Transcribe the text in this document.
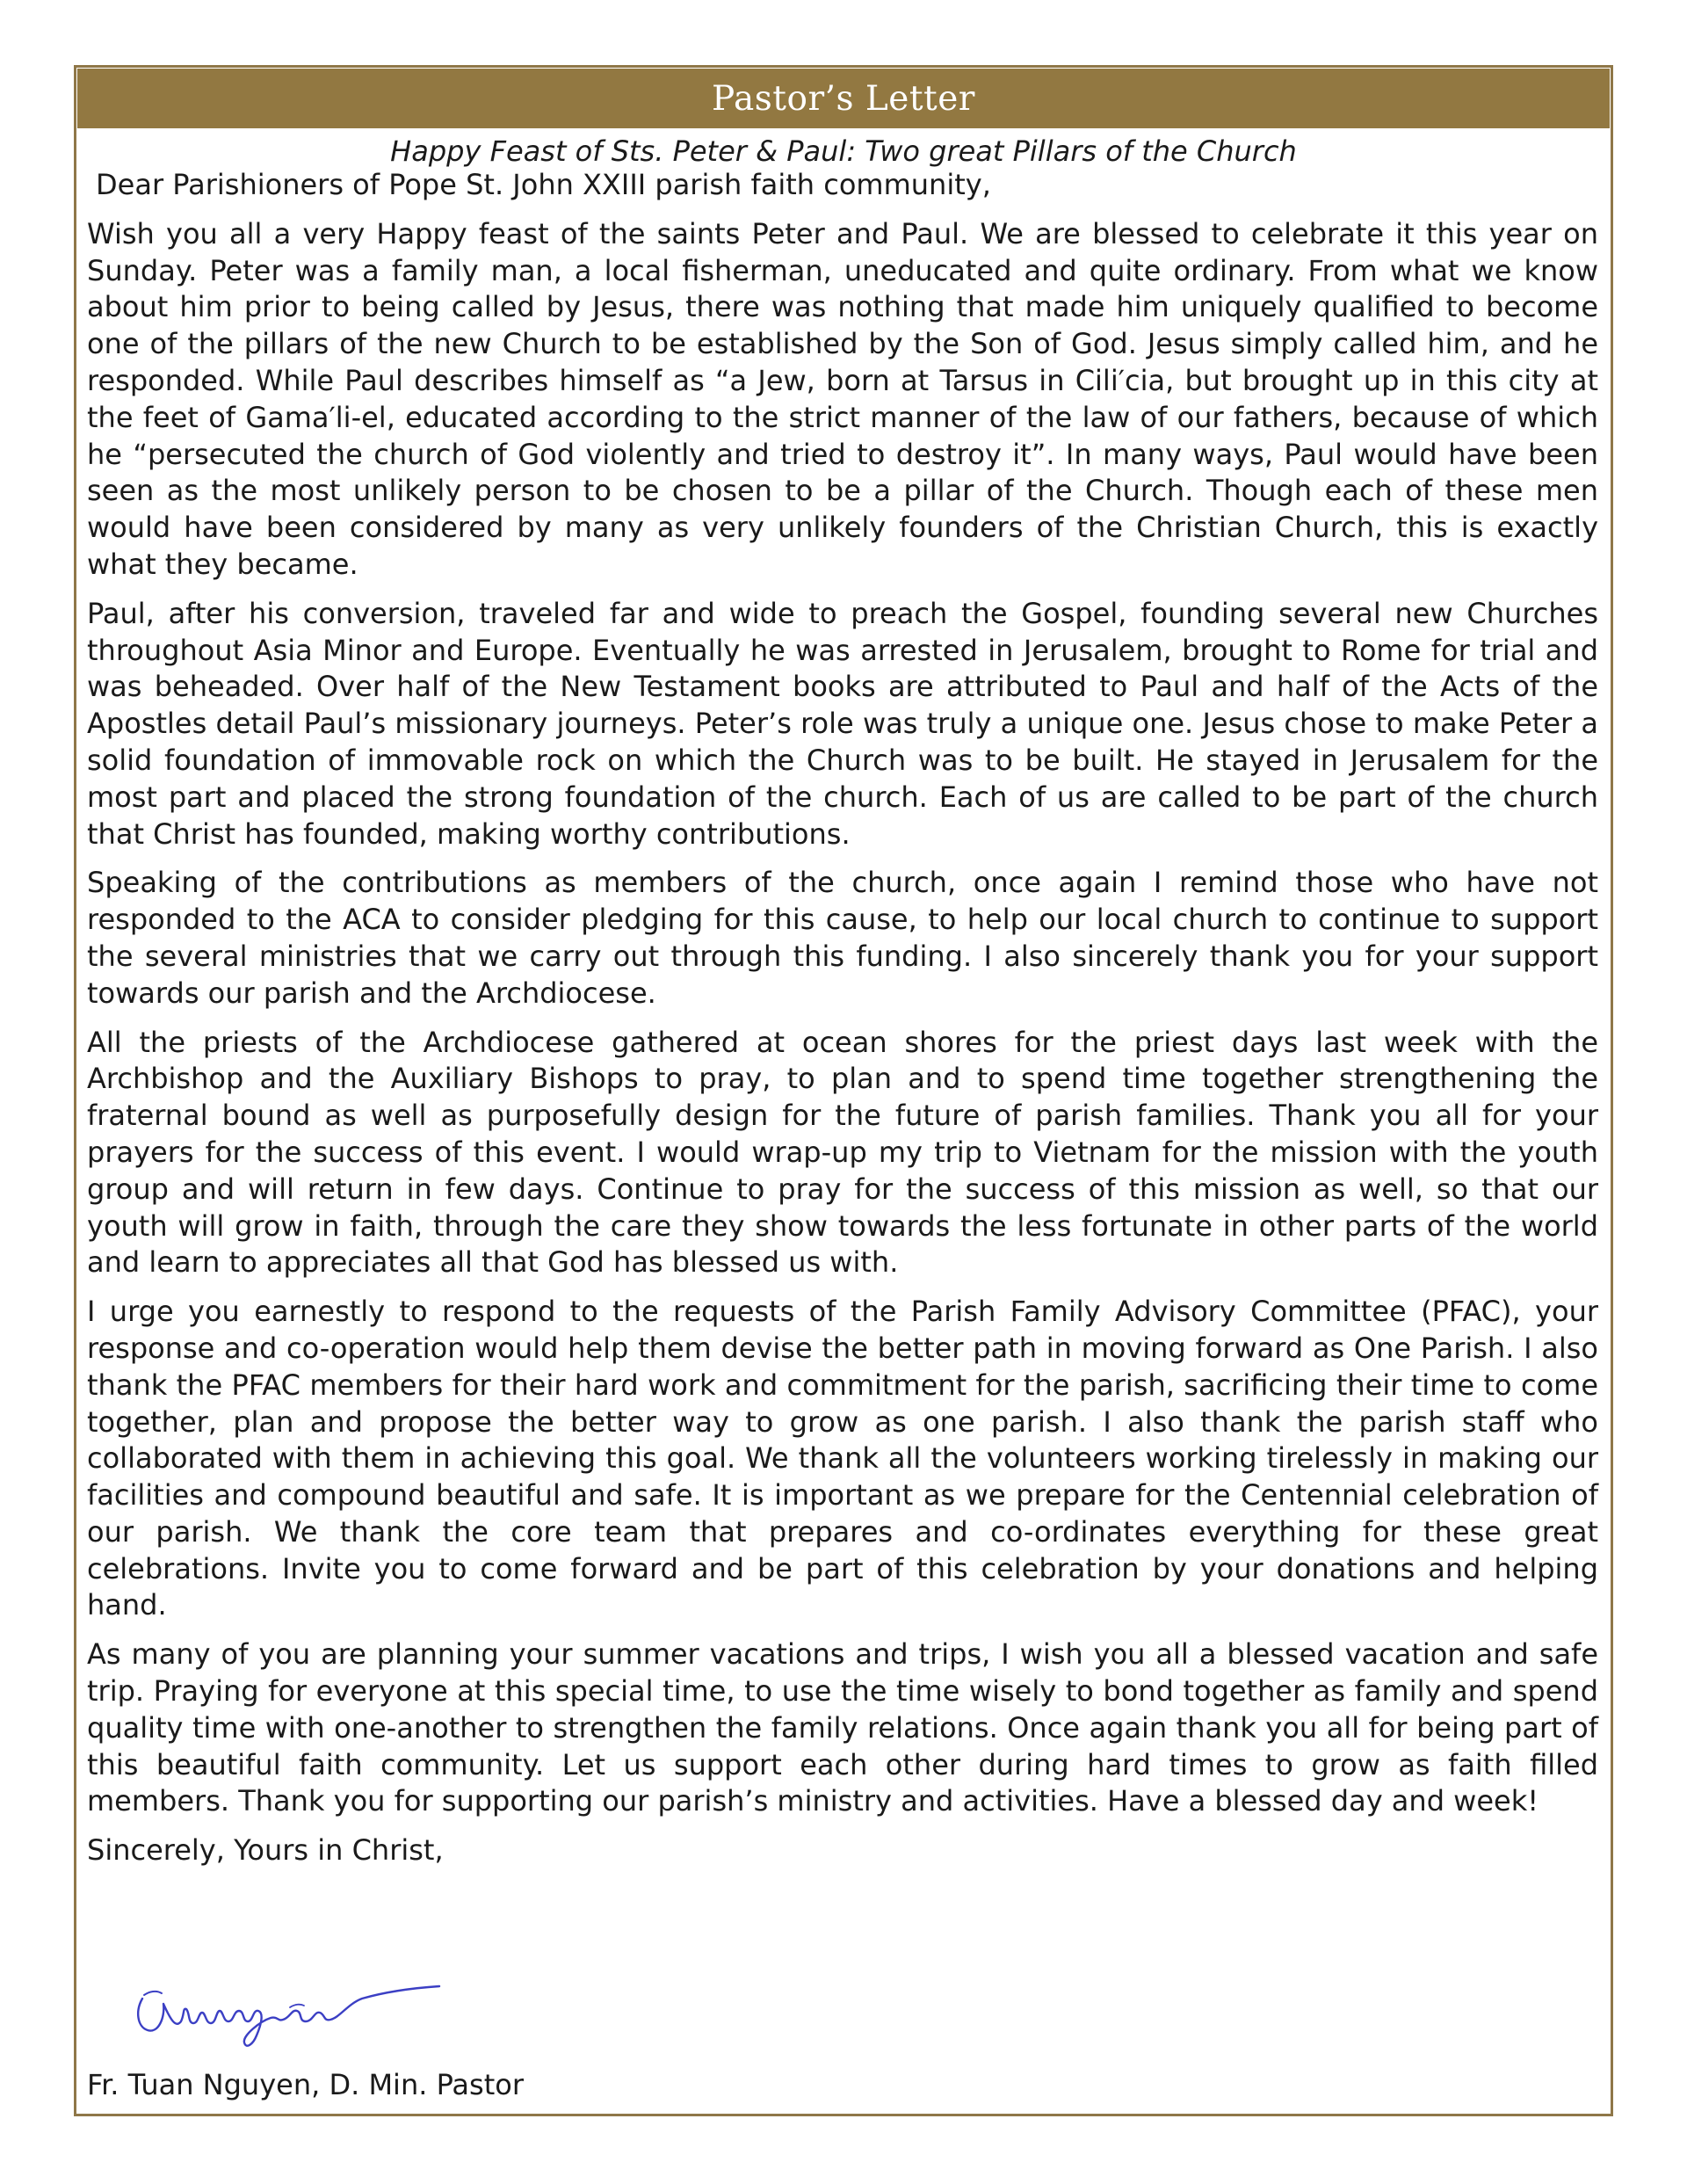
Pastor’s Letter
Happy Feast of Sts. Peter & Paul: Two great Pillars of the Church

Dear Parishioners of Pope St. John XXIII parish faith community,

Wish you all a very Happy feast of the saints Peter and Paul. We are blessed to celebrate it this year on Sunday. Peter was a family man, a local fisherman, uneducated and quite ordinary. From what we know about him prior to being called by Jesus, there was nothing that made him uniquely qualified to become one of the pillars of the new Church to be established by the Son of God. Jesus simply called him, and he responded. While Paul describes himself as “a Jew, born at Tarsus in Cili′cia, but brought up in this city at the feet of Gama′li-el, educated according to the strict manner of the law of our fathers, because of which he “persecuted the church of God violently and tried to destroy it”. In many ways, Paul would have been seen as the most unlikely person to be chosen to be a pillar of the Church. Though each of these men would have been considered by many as very unlikely founders of the Christian Church, this is exactly what they became.

Paul, after his conversion, traveled far and wide to preach the Gospel, founding several new Churches throughout Asia Minor and Europe. Eventually he was arrested in Jerusalem, brought to Rome for trial and was beheaded. Over half of the New Testament books are attributed to Paul and half of the Acts of the Apostles detail Paul’s missionary journeys. Peter’s role was truly a unique one. Jesus chose to make Peter a solid foundation of immovable rock on which the Church was to be built. He stayed in Jerusalem for the most part and placed the strong foundation of the church. Each of us are called to be part of the church that Christ has founded, making worthy contributions.

Speaking of the contributions as members of the church, once again I remind those who have not responded to the ACA to consider pledging for this cause, to help our local church to continue to support the several ministries that we carry out through this funding. I also sincerely thank you for your support towards our parish and the Archdiocese.

All the priests of the Archdiocese gathered at ocean shores for the priest days last week with the Archbishop and the Auxiliary Bishops to pray, to plan and to spend time together strengthening the fraternal bound as well as purposefully design for the future of parish families. Thank you all for your prayers for the success of this event. I would wrap-up my trip to Vietnam for the mission with the youth group and will return in few days. Continue to pray for the success of this mission as well, so that our youth will grow in faith, through the care they show towards the less fortunate in other parts of the world and learn to appreciates all that God has blessed us with.

I urge you earnestly to respond to the requests of the Parish Family Advisory Committee (PFAC), your response and co-operation would help them devise the better path in moving forward as One Parish. I also thank the PFAC members for their hard work and commitment for the parish, sacrificing their time to come together, plan and propose the better way to grow as one parish. I also thank the parish staff who collaborated with them in achieving this goal. We thank all the volunteers working tirelessly in making our facilities and compound beautiful and safe. It is important as we prepare for the Centennial celebration of our parish. We thank the core team that prepares and co-ordinates everything for these great celebrations. Invite you to come forward and be part of this celebration by your donations and helping hand.

As many of you are planning your summer vacations and trips, I wish you all a blessed vacation and safe trip. Praying for everyone at this special time, to use the time wisely to bond together as family and spend quality time with one-another to strengthen the family relations. Once again thank you all for being part of this beautiful faith community. Let us support each other during hard times to grow as faith filled members. Thank you for supporting our parish’s ministry and activities. Have a blessed day and week!

Sincerely, Yours in Christ,

Fr. Tuan Nguyen, D. Min. Pastor
